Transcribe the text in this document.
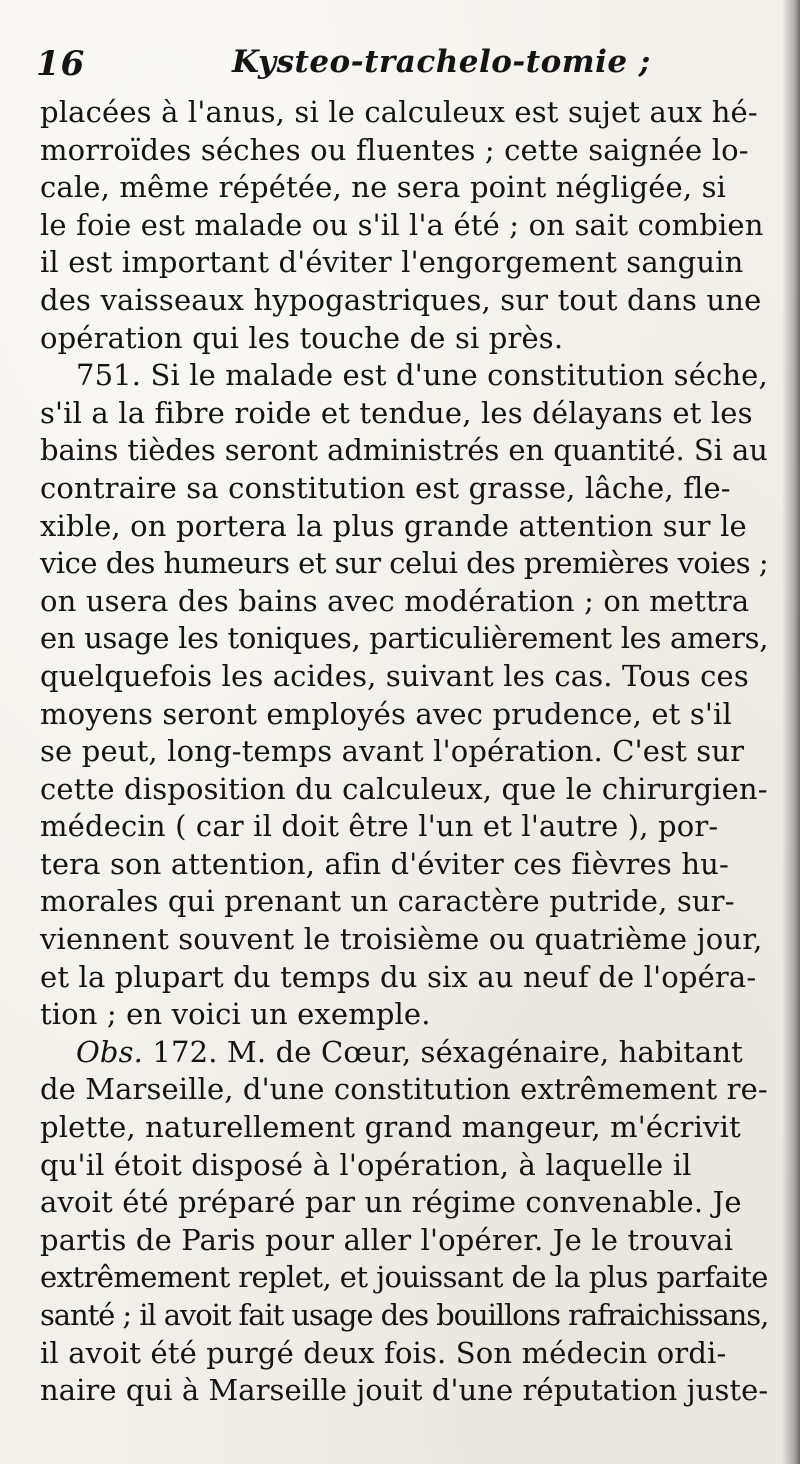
16	Kysteo-trachelo-tomie ;
placées à l'anus, si le calculeux est sujet aux hé-
morroïdes séches ou fluentes ; cette saignée lo-
cale, même répétée, ne sera point négligée, si
le foie est malade ou s'il l'a été ; on sait combien
il est important d'éviter l'engorgement sanguin
des vaisseaux hypogastriques, sur tout dans une
opération qui les touche de si près.
751. Si le malade est d'une constitution séche,
s'il a la fibre roide et tendue, les délayans et les
bains tièdes seront administrés en quantité. Si au
contraire sa constitution est grasse, lâche, fle-
xible, on portera la plus grande attention sur le
vice des humeurs et sur celui des premières voies ;
on usera des bains avec modération ; on mettra
en usage les toniques, particulièrement les amers,
quelquefois les acides, suivant les cas. Tous ces
moyens seront employés avec prudence, et s'il
se peut, long-temps avant l'opération. C'est sur
cette disposition du calculeux, que le chirurgien-
médecin ( car il doit être l'un et l'autre ), por-
tera son attention, afin d'éviter ces fièvres hu-
morales qui prenant un caractère putride, sur-
viennent souvent le troisième ou quatrième jour,
et la plupart du temps du six au neuf de l'opéra-
tion ; en voici un exemple.
Obs. 172. M. de Cœur, séxagénaire, habitant
de Marseille, d'une constitution extrêmement re-
plette, naturellement grand mangeur, m'écrivit
qu'il étoit disposé à l'opération, à laquelle il
avoit été préparé par un régime convenable. Je
partis de Paris pour aller l'opérer. Je le trouvai
extrêmement replet, et jouissant de la plus parfaite
santé ; il avoit fait usage des bouillons rafraichissans,
il avoit été purgé deux fois. Son médecin ordi-
naire qui à Marseille jouit d'une réputation juste-
